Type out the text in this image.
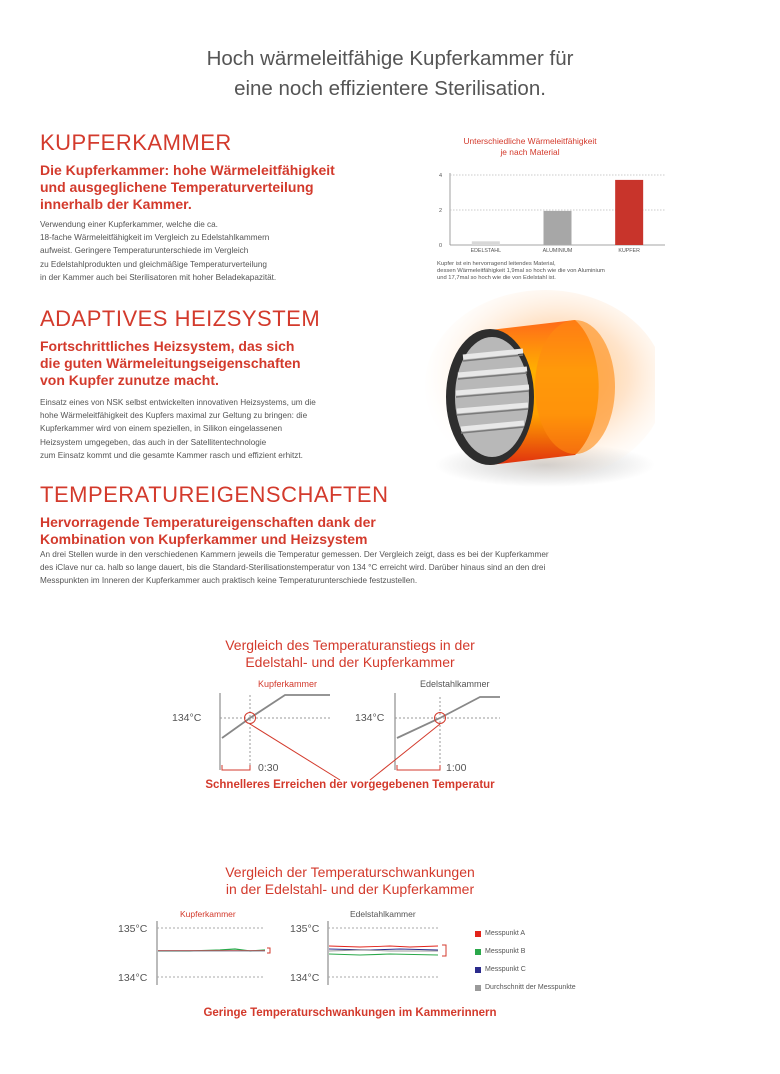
Hoch wärmeleitfähige Kupferkammer für
eine noch effizientere Sterilisation.
KUPFERKAMMER
Die Kupferkammer: hohe Wärmeleitfähigkeit
und ausgeglichene Temperaturverteilung
innerhalb der Kammer.
Verwendung einer Kupferkammer, welche die ca.
18-fache Wärmeleitfähigkeit im Vergleich zu Edelstahlkammern
aufweist. Geringere Temperaturunterschiede im Vergleich
zu Edelstahlprodukten und gleichmäßige Temperaturverteilung
in der Kammer auch bei Sterilisatoren mit hoher Beladekapazität.
Unterschiedliche Wärmeleitfähigkeit
je nach Material
0
2
4
EDELSTAHL	ALUMINIUM	KUPFER
Kupfer ist ein hervorragend leitendes Material,
dessen Wärmeleitfähigkeit 1,9mal so hoch wie die von Aluminium
und 17,7mal so hoch wie die von Edelstahl ist.
ADAPTIVES HEIZSYSTEM
Fortschrittliches Heizsystem, das sich
die guten Wärmeleitungseigenschaften
von Kupfer zunutze macht.
Einsatz eines von NSK selbst entwickelten innovativen Heizsystems, um die
hohe Wärmeleitfähigkeit des Kupfers maximal zur Geltung zu bringen: die
Kupferkammer wird von einem speziellen, in Silikon eingelassenen
Heizsystem umgegeben, das auch in der Satellitentechnologie
zum Einsatz kommt und die gesamte Kammer rasch und effizient erhitzt.
TEMPERATUREIGENSCHAFTEN
Hervorragende Temperatureigenschaften dank der
Kombination von Kupferkammer und Heizsystem
An drei Stellen wurde in den verschiedenen Kammern jeweils die Temperatur gemessen. Der Vergleich zeigt, dass es bei der Kupferkammer
des iClave nur ca. halb so lange dauert, bis die Standard-Sterilisationstemperatur von 134 °C erreicht wird. Darüber hinaus sind an den drei
Messpunkten im Inneren der Kupferkammer auch praktisch keine Temperaturunterschiede festzustellen.
Vergleich des Temperaturanstiegs in der
Edelstahl- und der Kupferkammer
Kupferkammer
134°C
0:30
Edelstahlkammer
134°C
1:00
Schnelleres Erreichen der vorgegebenen Temperatur
Vergleich der Temperaturschwankungen
in der Edelstahl- und der Kupferkammer
Kupferkammer
135°C
134°C
Edelstahlkammer
135°C
134°C
Messpunkt A
Messpunkt B
Messpunkt C
Durchschnitt der Messpunkte
Geringe Temperaturschwankungen im Kammerinnern
